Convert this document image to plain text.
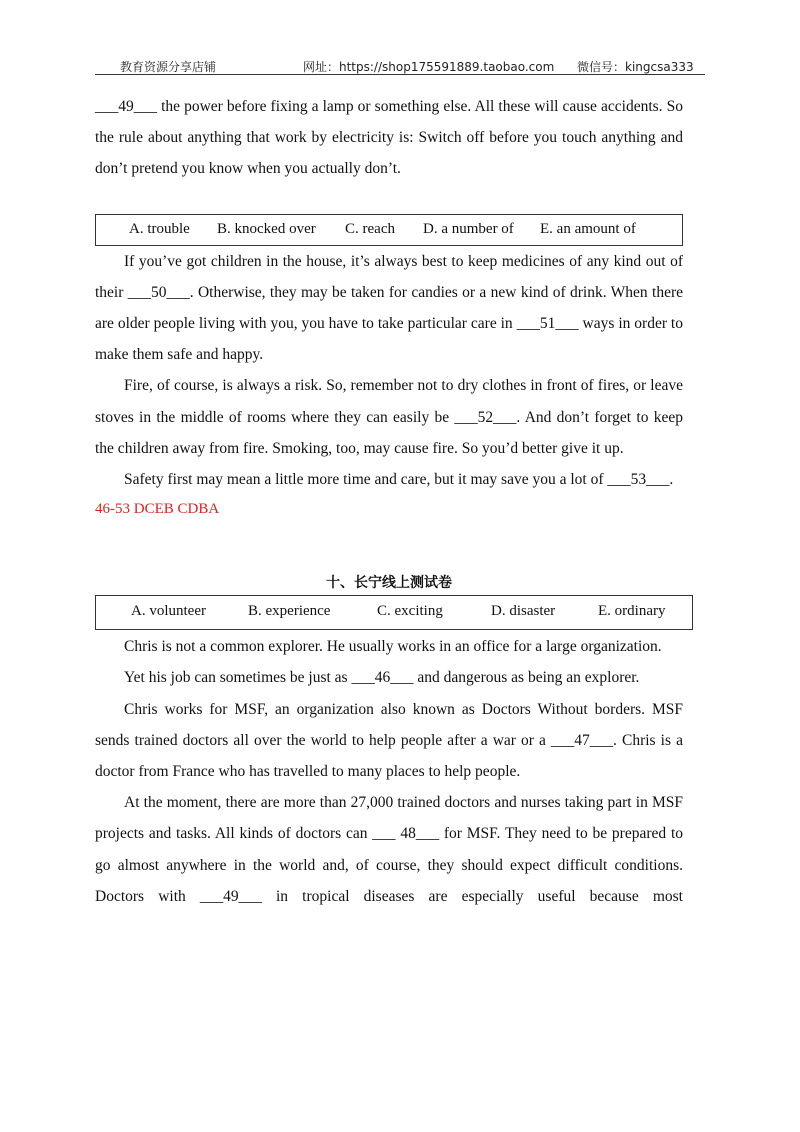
教育资源分享店铺	网址：https://shop175591889.taobao.com 微信号：kingcsa333

___49___ the power before fixing a lamp or something else. All these will cause accidents. So the rule about anything that work by electricity is: Switch off before you touch anything and don’t pretend you know when you actually don’t.

A. trouble B. knocked over C. reach D. a number of E. an amount of

If you’ve got children in the house, it’s always best to keep medicines of any kind out of their ___50___. Otherwise, they may be taken for candies or a new kind of drink. When there are older people living with you, you have to take particular care in ___51___ ways in order to make them safe and happy.

Fire, of course, is always a risk. So, remember not to dry clothes in front of fires, or leave stoves in the middle of rooms where they can easily be ___52___. And don’t forget to keep the children away from fire. Smoking, too, may cause fire. So you’d better give it up.

Safety first may mean a little more time and care, but it may save you a lot of ___53___.

46-53 DCEB CDBA
十、长宁线上测试卷
A. volunteer	B. experience	C. exciting	D. disaster	E. ordinary

Chris is not a common explorer. He usually works in an office for a large organization.

Yet his job can sometimes be just as ___46___ and dangerous as being an explorer.

Chris works for MSF, an organization also known as Doctors Without borders. MSF sends trained doctors all over the world to help people after a war or a ___47___. Chris is a doctor from France who has travelled to many places to help people.

At the moment, there are more than 27,000 trained doctors and nurses taking part in MSF projects and tasks. All kinds of doctors can ___ 48___ for MSF. They need to be prepared to go almost anywhere in the world and, of course, they should expect difficult conditions. Doctors with ___49___ in tropical diseases are especially useful because most
